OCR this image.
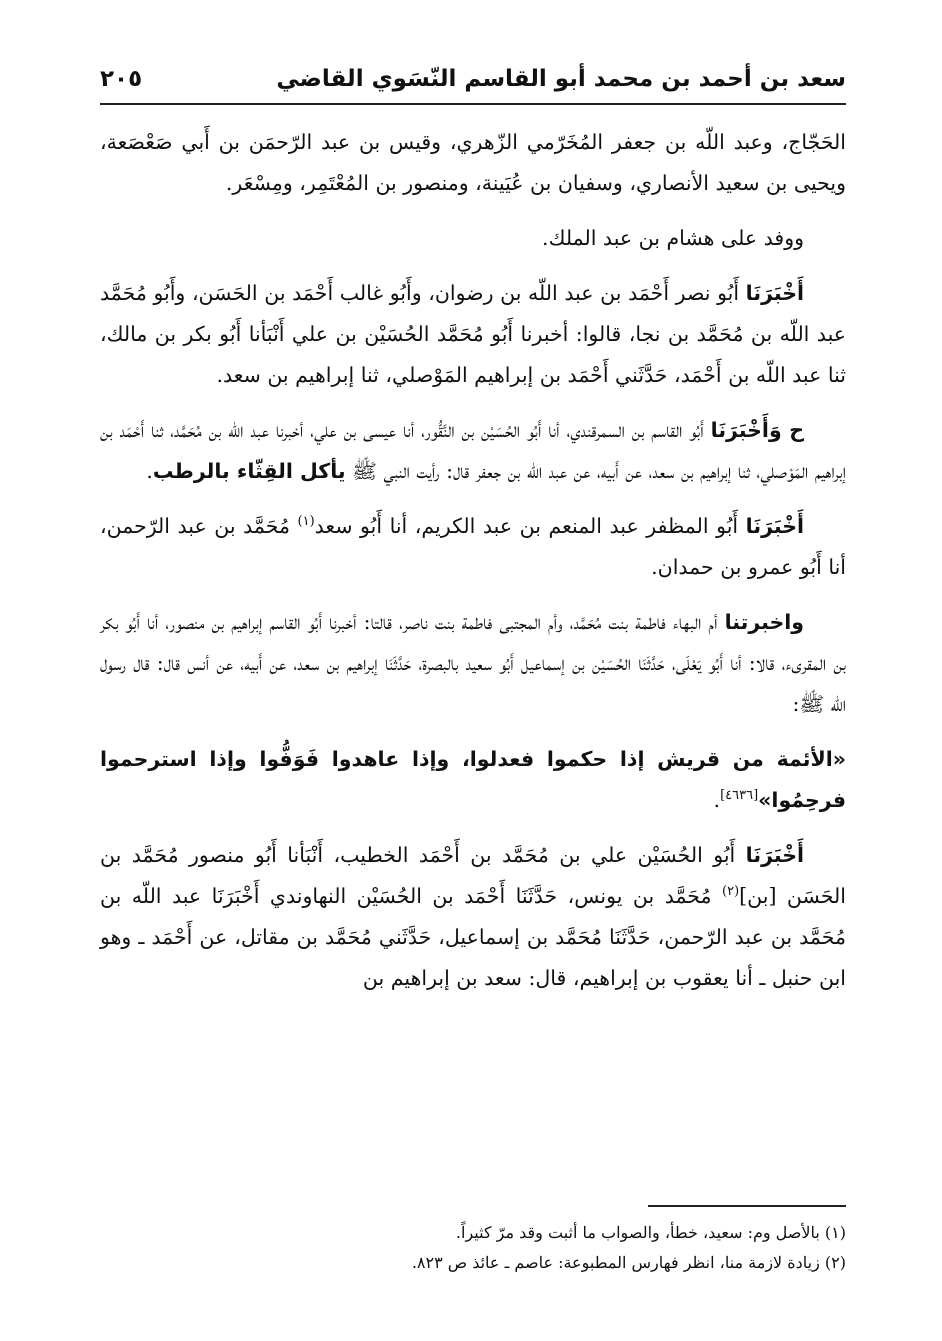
سعد بن أحمد بن محمد أبو القاسم النّسَوي القاضي
٢٠٥

الحَجّاج، وعبد اللّه بن جعفر المُخَرّمي الزّهري، وقيس بن عبد الرّحمَن بن أَبي صَعْصَعة، ويحيى بن سعيد الأنصاري، وسفيان بن عُيَينة، ومنصور بن المُعْتَمِر، ومِسْعَر.

ووفد على هشام بن عبد الملك.

أَخْبَرَنَا أَبُو نصر أَحْمَد بن عبد اللّه بن رضوان، وأَبُو غالب أَحْمَد بن الحَسَن، وأَبُو مُحَمَّد عبد اللّه بن مُحَمَّد بن نجا، قالوا: أخبرنا أَبُو مُحَمَّد الحُسَيْن بن علي أَنْبَأنا أَبُو بكر بن مالك، ثنا عبد اللّه بن أَحْمَد، حَدَّثَني أَحْمَد بن إبراهيم المَوْصلي، ثنا إبراهيم بن سعد.

ح وَأَخْبَرَنَا أَبُو القاسم بن السمرقندي، أنا أَبُو الحُسَيْن بن النَّقُّور، أنا عيسى بن علي، أخبرنا عبد اللّه بن مُحَمَّد، ثنا أَحْمَد بن إبراهيم المَوْصلي، ثنا إبراهيم بن سعد، عن أَبيه، عن عبد اللّه بن جعفر قال: رأيت النبي ﷺ يأكل القِثّاء بالرطب.

أَخْبَرَنَا أَبُو المظفر عبد المنعم بن عبد الكريم، أنا أَبُو سعد$^{(١)}$ مُحَمَّد بن عبد الرّحمن، أنا أَبُو عمرو بن حمدان.

واخبرتنا أم البهاء فاطمة بنت مُحَمَّد، وأم المجتبى فاطمة بنت ناصر، قالتا: أخبرنا أَبُو القاسم إبراهيم بن منصور، أنا أَبُو بكر بن المقرىء، قالا: أنا أَبُو يَعْلَى، حَدَّثَنَا الحُسَيْن بن إسماعيل أَبُو سعيد بالبصرة، حَدَّثَنَا إبراهيم بن سعد، عن أَبيه، عن أنس قال: قال رسول اللّه ﷺ:

«الأئمة من قريش إذا حكموا فعدلوا، وإذا عاهدوا فَوَفُّوا وإذا استرحموا فرحِمُوا»[٤٦٣٦].

أَخْبَرَنَا أَبُو الحُسَيْن علي بن مُحَمَّد بن أَحْمَد الخطيب، أَنْبَأنا أَبُو منصور مُحَمَّد بن الحَسَن [بن]$^{(٢)}$ مُحَمَّد بن يونس، حَدَّثَنَا أَحْمَد بن الحُسَيْن النهاوندي أَخْبَرَنَا عبد اللّه بن مُحَمَّد بن عبد الرّحمن، حَدَّثَنَا مُحَمَّد بن إسماعيل، حَدَّثَني مُحَمَّد بن مقاتل، عن أَحْمَد ـ وهو ابن حنبل ـ أنا يعقوب بن إبراهيم، قال: سعد بن إبراهيم بن

(١) بالأصل وم: سعيد، خطأ، والصواب ما أثبت وقد مرّ كثيراً.
(٢) زيادة لازمة منا، انظر فهارس المطبوعة: عاصم ـ عائذ ص ٨٢٣.
